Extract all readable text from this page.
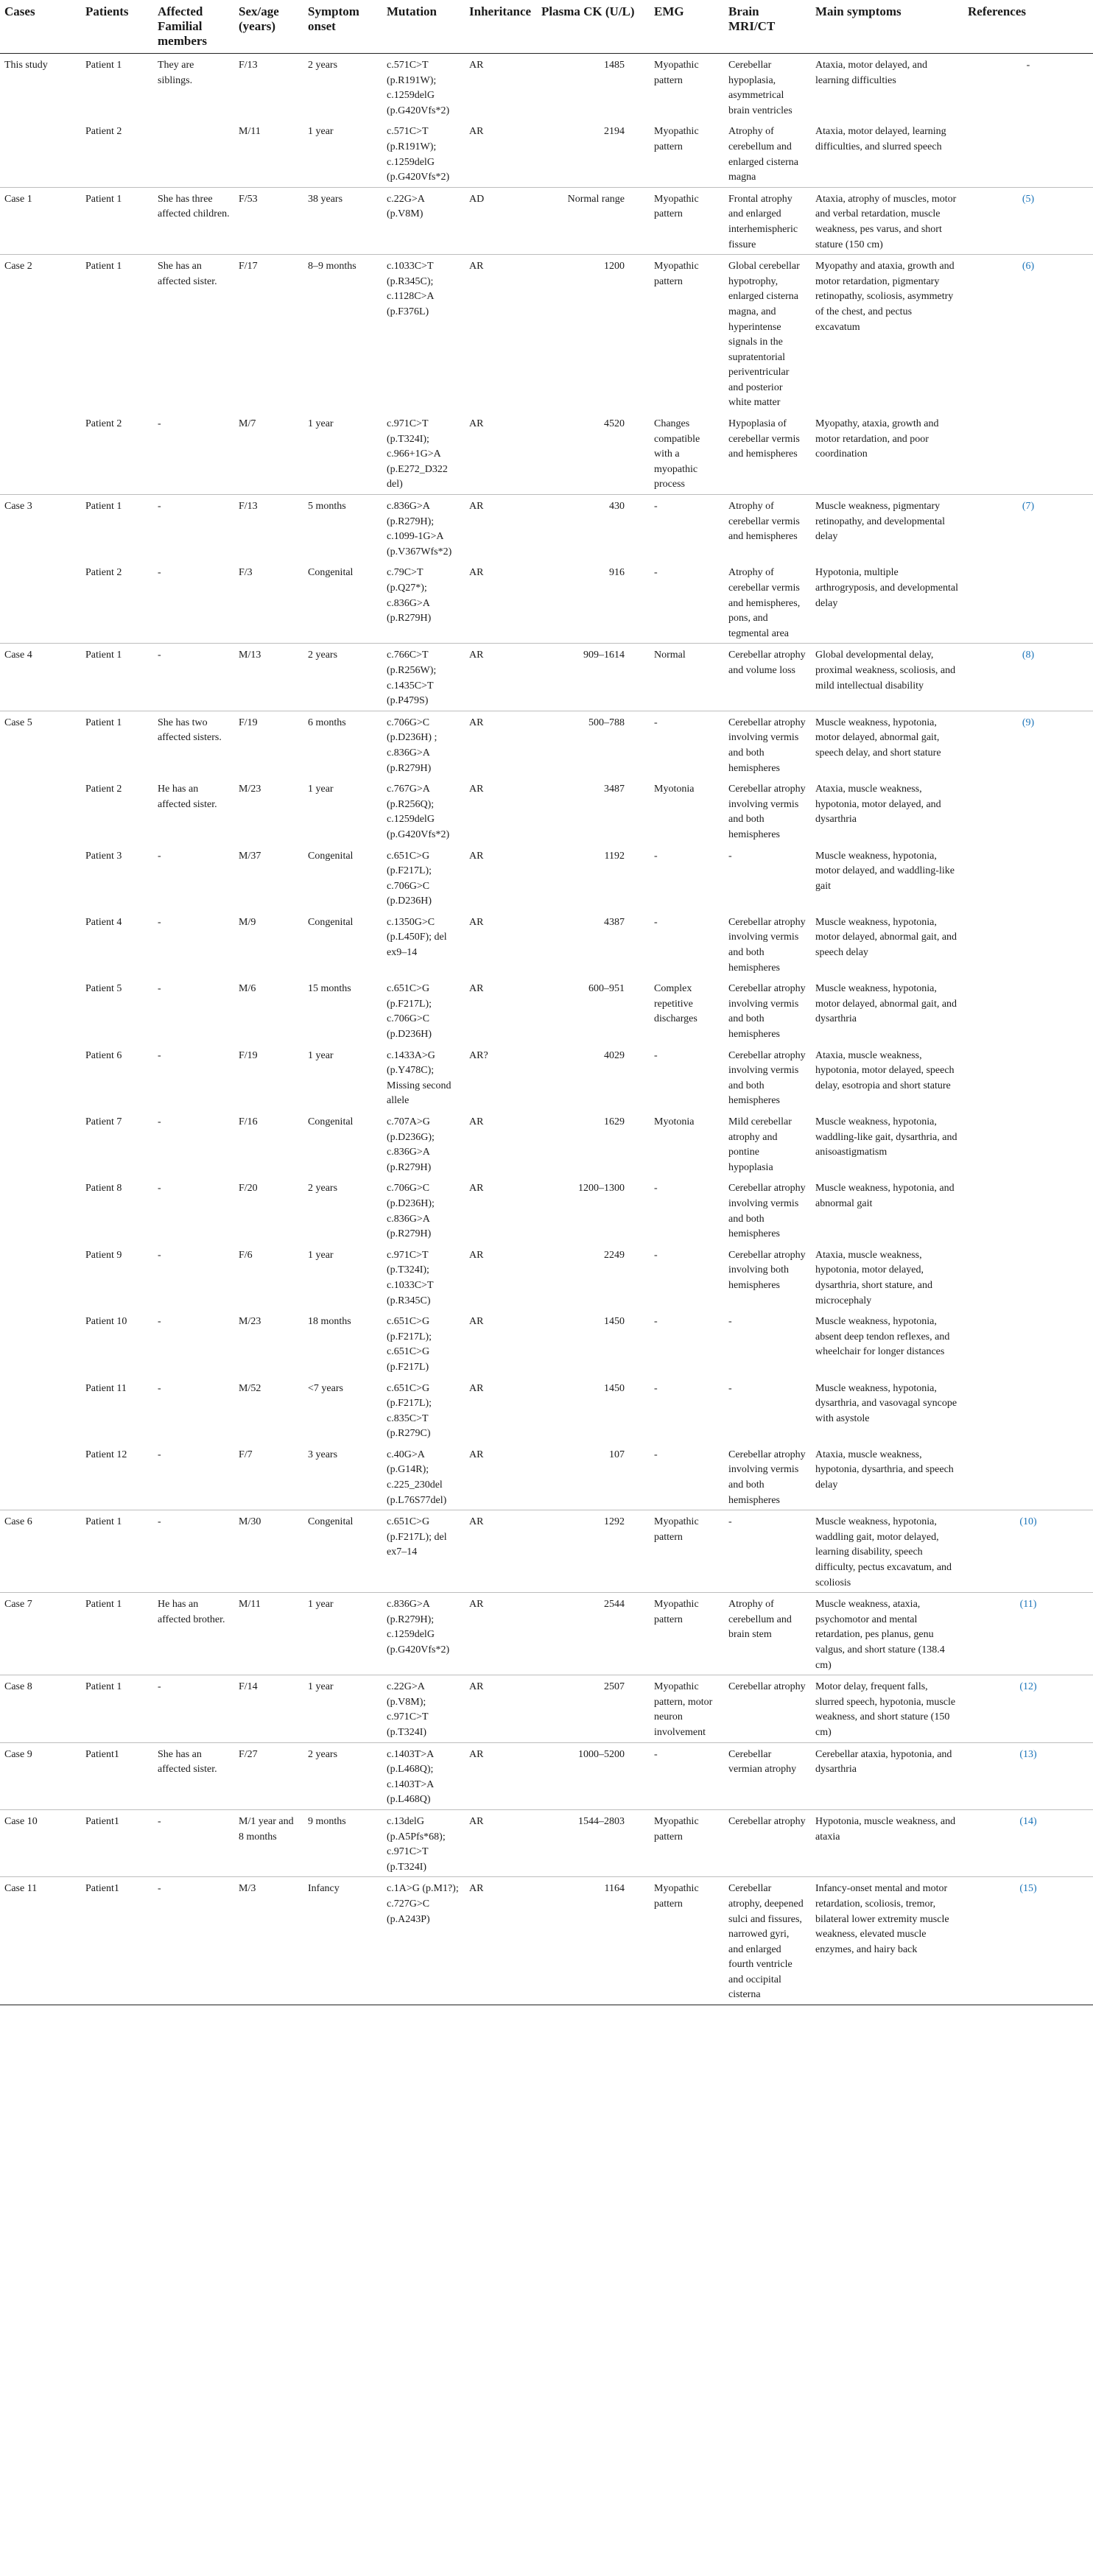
Cases	Patients	Affected Familial members	Sex/age (years)	Symptom onset	Mutation	Inheritance	Plasma CK (U/L)	EMG	Brain MRI/CT	Main symptoms	References
This study	Patient 1	They are siblings.	F/13	2 years	c.571C>T (p.R191W); c.1259delG (p.G420Vfs*2)	AR	1485	Myopathic pattern	Cerebellar hypoplasia, asymmetrical brain ventricles	Ataxia, motor delayed, and learning difficulties	-
	Patient 2		M/11	1 year	c.571C>T (p.R191W); c.1259delG (p.G420Vfs*2)	AR	2194	Myopathic pattern	Atrophy of cerebellum and enlarged cisterna magna	Ataxia, motor delayed, learning difficulties, and slurred speech	
Case 1	Patient 1	She has three affected children.	F/53	38 years	c.22G>A (p.V8M)	AD	Normal range	Myopathic pattern	Frontal atrophy and enlarged interhemispheric fissure	Ataxia, atrophy of muscles, motor and verbal retardation, muscle weakness, pes varus, and short stature (150 cm)	(5)
Case 2	Patient 1	She has an affected sister.	F/17	8–9 months	c.1033C>T (p.R345C); c.1128C>A (p.F376L)	AR	1200	Myopathic pattern	Global cerebellar hypotrophy, enlarged cisterna magna, and hyperintense signals in the supratentorial periventricular and posterior white matter	Myopathy and ataxia, growth and motor retardation, pigmentary retinopathy, scoliosis, asymmetry of the chest, and pectus excavatum	(6)
	Patient 2	-	M/7	1 year	c.971C>T (p.T324I); c.966+1G>A (p.E272_D322 del)	AR	4520	Changes compatible with a myopathic process	Hypoplasia of cerebellar vermis and hemispheres	Myopathy, ataxia, growth and motor retardation, and poor coordination	
Case 3	Patient 1	-	F/13	5 months	c.836G>A (p.R279H); c.1099-1G>A (p.V367Wfs*2)	AR	430	-	Atrophy of cerebellar vermis and hemispheres	Muscle weakness, pigmentary retinopathy, and developmental delay	(7)
	Patient 2	-	F/3	Congenital	c.79C>T (p.Q27*); c.836G>A (p.R279H)	AR	916	-	Atrophy of cerebellar vermis and hemispheres, pons, and tegmental area	Hypotonia, multiple arthrogryposis, and developmental delay	
Case 4	Patient 1	-	M/13	2 years	c.766C>T (p.R256W); c.1435C>T (p.P479S)	AR	909–1614	Normal	Cerebellar atrophy and volume loss	Global developmental delay, proximal weakness, scoliosis, and mild intellectual disability	(8)
Case 5	Patient 1	She has two affected sisters.	F/19	6 months	c.706G>C (p.D236H) ; c.836G>A (p.R279H)	AR	500–788	-	Cerebellar atrophy involving vermis and both hemispheres	Muscle weakness, hypotonia, motor delayed, abnormal gait, speech delay, and short stature	(9)
	Patient 2	He has an affected sister.	M/23	1 year	c.767G>A (p.R256Q); c.1259delG (p.G420Vfs*2)	AR	3487	Myotonia	Cerebellar atrophy involving vermis and both hemispheres	Ataxia, muscle weakness, hypotonia, motor delayed, and dysarthria	
	Patient 3	-	M/37	Congenital	c.651C>G (p.F217L); c.706G>C (p.D236H)	AR	1192	-	-	Muscle weakness, hypotonia, motor delayed, and waddling-like gait	
	Patient 4	-	M/9	Congenital	c.1350G>C (p.L450F); del ex9–14	AR	4387	-	Cerebellar atrophy involving vermis and both hemispheres	Muscle weakness, hypotonia, motor delayed, abnormal gait, and speech delay	
	Patient 5	-	M/6	15 months	c.651C>G (p.F217L); c.706G>C (p.D236H)	AR	600–951	Complex repetitive discharges	Cerebellar atrophy involving vermis and both hemispheres	Muscle weakness, hypotonia, motor delayed, abnormal gait, and dysarthria	
	Patient 6	-	F/19	1 year	c.1433A>G (p.Y478C); Missing second allele	AR?	4029	-	Cerebellar atrophy involving vermis and both hemispheres	Ataxia, muscle weakness, hypotonia, motor delayed, speech delay, esotropia and short stature	
	Patient 7	-	F/16	Congenital	c.707A>G (p.D236G); c.836G>A (p.R279H)	AR	1629	Myotonia	Mild cerebellar atrophy and pontine hypoplasia	Muscle weakness, hypotonia, waddling-like gait, dysarthria, and anisoastigmatism	
	Patient 8	-	F/20	2 years	c.706G>C (p.D236H); c.836G>A (p.R279H)	AR	1200–1300	-	Cerebellar atrophy involving vermis and both hemispheres	Muscle weakness, hypotonia, and abnormal gait	
	Patient 9	-	F/6	1 year	c.971C>T (p.T324I); c.1033C>T (p.R345C)	AR	2249	-	Cerebellar atrophy involving both hemispheres	Ataxia, muscle weakness, hypotonia, motor delayed, dysarthria, short stature, and microcephaly	
	Patient 10	-	M/23	18 months	c.651C>G (p.F217L); c.651C>G (p.F217L)	AR	1450	-	-	Muscle weakness, hypotonia, absent deep tendon reflexes, and wheelchair for longer distances	
	Patient 11	-	M/52	<7 years	c.651C>G (p.F217L); c.835C>T (p.R279C)	AR	1450	-	-	Muscle weakness, hypotonia, dysarthria, and vasovagal syncope with asystole	
	Patient 12	-	F/7	3 years	c.40G>A (p.G14R); c.225_230del (p.L76S77del)	AR	107	-	Cerebellar atrophy involving vermis and both hemispheres	Ataxia, muscle weakness, hypotonia, dysarthria, and speech delay	
Case 6	Patient 1	-	M/30	Congenital	c.651C>G (p.F217L); del ex7–14	AR	1292	Myopathic pattern	-	Muscle weakness, hypotonia, waddling gait, motor delayed, learning disability, speech difficulty, pectus excavatum, and scoliosis	(10)
Case 7	Patient 1	He has an affected brother.	M/11	1 year	c.836G>A (p.R279H); c.1259delG (p.G420Vfs*2)	AR	2544	Myopathic pattern	Atrophy of cerebellum and brain stem	Muscle weakness, ataxia, psychomotor and mental retardation, pes planus, genu valgus, and short stature (138.4 cm)	(11)
Case 8	Patient 1	-	F/14	1 year	c.22G>A (p.V8M); c.971C>T (p.T324I)	AR	2507	Myopathic pattern, motor neuron involvement	Cerebellar atrophy	Motor delay, frequent falls, slurred speech, hypotonia, muscle weakness, and short stature (150 cm)	(12)
Case 9	Patient1	She has an affected sister.	F/27	2 years	c.1403T>A (p.L468Q); c.1403T>A (p.L468Q)	AR	1000–5200	-	Cerebellar vermian atrophy	Cerebellar ataxia, hypotonia, and dysarthria	(13)
Case 10	Patient1	-	M/1 year and 8 months	9 months	c.13delG (p.A5Pfs*68); c.971C>T (p.T324I)	AR	1544–2803	Myopathic pattern	Cerebellar atrophy	Hypotonia, muscle weakness, and ataxia	(14)
Case 11	Patient1	-	M/3	Infancy	c.1A>G (p.M1?); c.727G>C (p.A243P)	AR	1164	Myopathic pattern	Cerebellar atrophy, deepened sulci and fissures, narrowed gyri, and enlarged fourth ventricle and occipital cisterna	Infancy-onset mental and motor retardation, scoliosis, tremor, bilateral lower extremity muscle weakness, elevated muscle enzymes, and hairy back	(15)
